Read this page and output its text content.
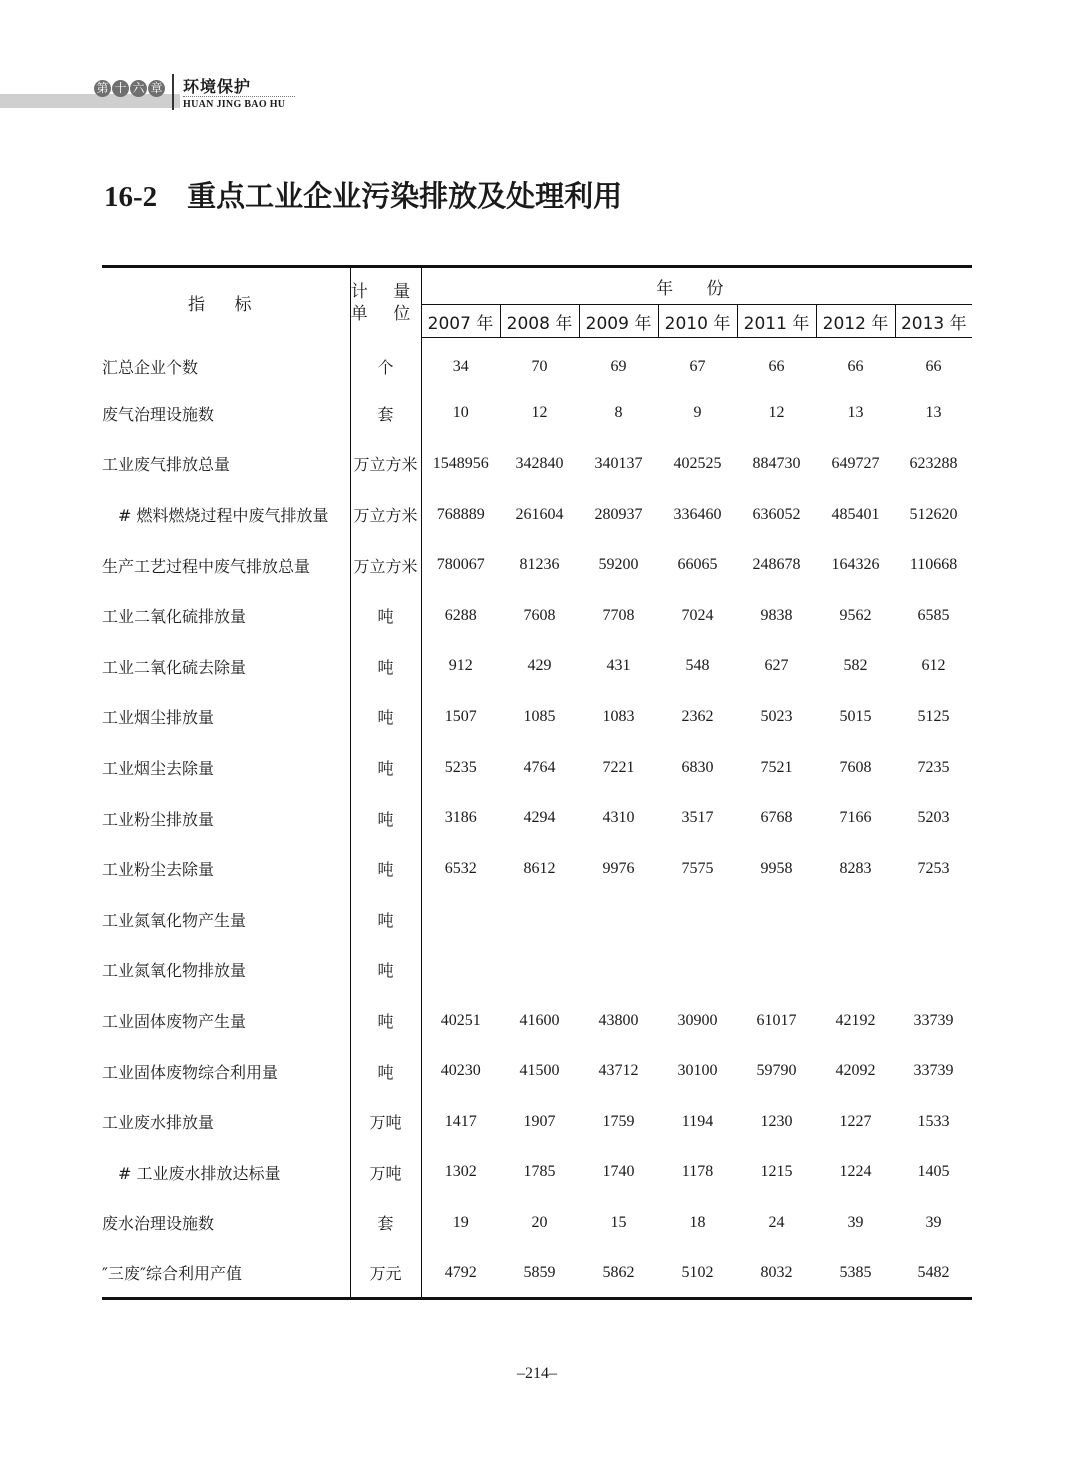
第 十 六 章 环境保护
HUAN JING BAO HU
16-2 重点工业企业污染排放及处理利用
指 标	计 量
单 位	年 份						
		2007 年	2008 年	2009 年	2010 年	2011 年	2012 年	2013 年
汇总企业个数	个	34	70	69	67	66	66	66
废气治理设施数	套	10	12	8	9	12	13	13
工业废气排放总量	万立方米	1548956	342840	340137	402525	884730	649727	623288
# 燃料燃烧过程中废气排放量	万立方米	768889	261604	280937	336460	636052	485401	512620
生产工艺过程中废气排放总量	万立方米	780067	81236	59200	66065	248678	164326	110668
工业二氧化硫排放量	吨	6288	7608	7708	7024	9838	9562	6585
工业二氧化硫去除量	吨	912	429	431	548	627	582	612
工业烟尘排放量	吨	1507	1085	1083	2362	5023	5015	5125
工业烟尘去除量	吨	5235	4764	7221	6830	7521	7608	7235
工业粉尘排放量	吨	3186	4294	4310	3517	6768	7166	5203
工业粉尘去除量	吨	6532	8612	9976	7575	9958	8283	7253
工业氮氧化物产生量	吨							
工业氮氧化物排放量	吨							
工业固体废物产生量	吨	40251	41600	43800	30900	61017	42192	33739
工业固体废物综合利用量	吨	40230	41500	43712	30100	59790	42092	33739
工业废水排放量	万吨	1417	1907	1759	1194	1230	1227	1533
# 工业废水排放达标量	万吨	1302	1785	1740	1178	1215	1224	1405
废水治理设施数	套	19	20	15	18	24	39	39
″三废″综合利用产值	万元	4792	5859	5862	5102	8032	5385	5482
–214–
